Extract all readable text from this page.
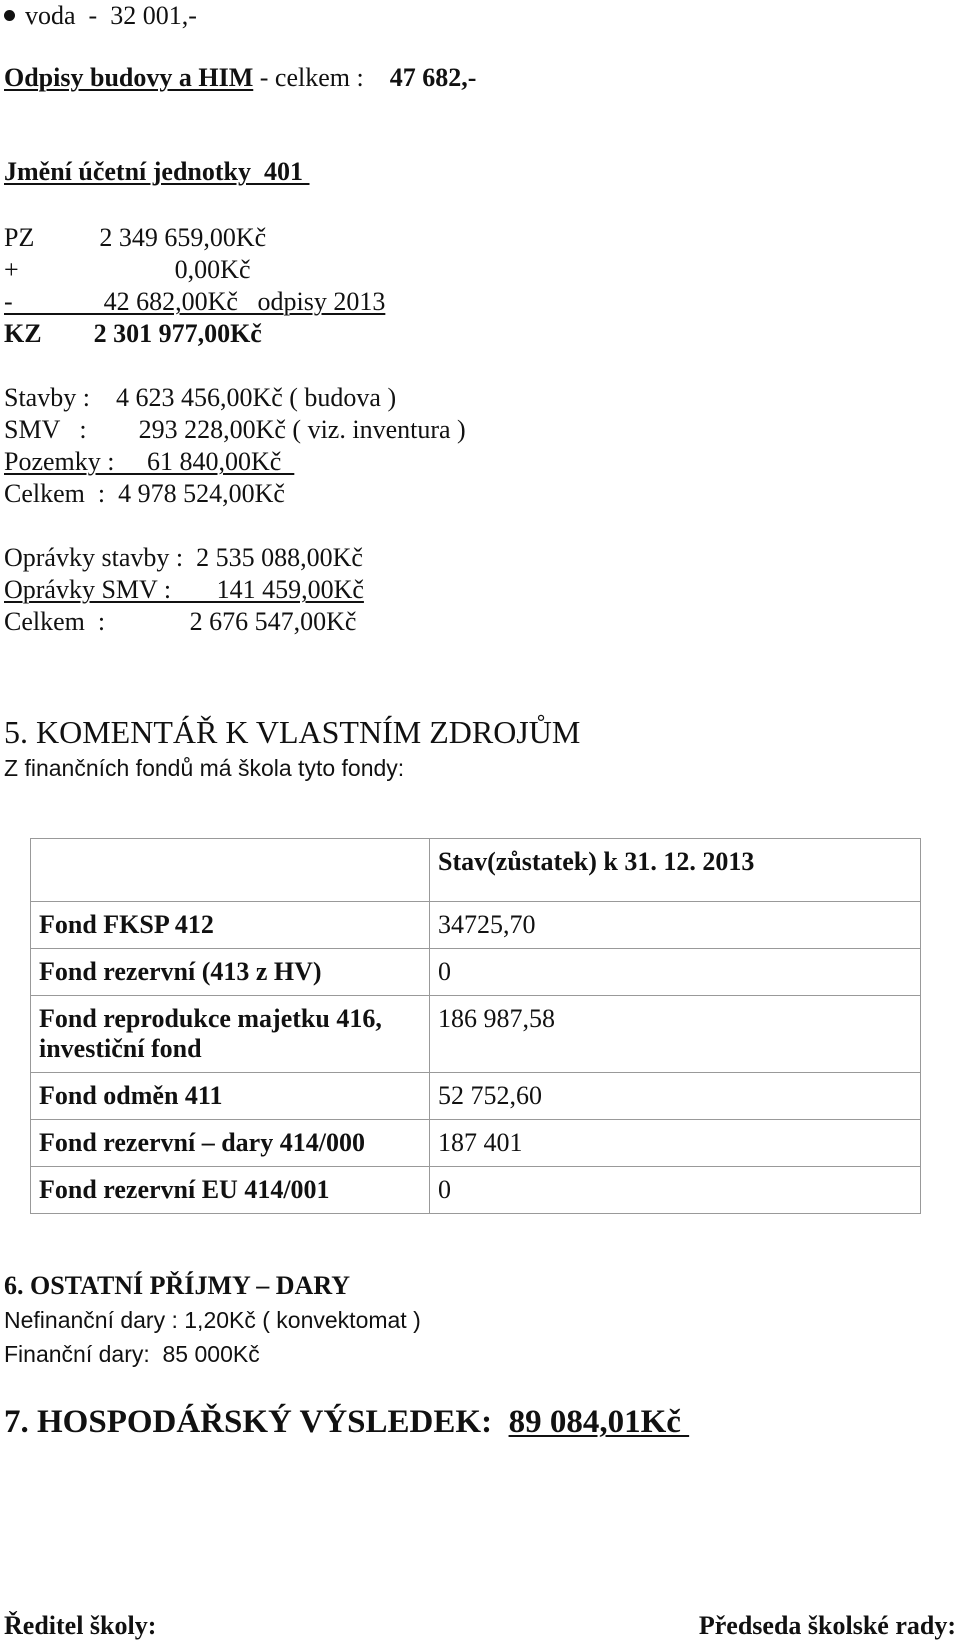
voda  -  32 001,-
Odpisy budovy a HIM - celkem :    47 682,-
Jmění účetní jednotky  401
PZ          2 349 659,00Kč
+                        0,00Kč
-              42 682,00Kč   odpisy 2013
KZ        2 301 977,00Kč
Stavby :    4 623 456,00Kč ( budova )
SMV   :        293 228,00Kč ( viz. inventura )
Pozemky :     61 840,00Kč
Celkem  :  4 978 524,00Kč
Oprávky stavby :  2 535 088,00Kč
Oprávky SMV :       141 459,00Kč
Celkem  :             2 676 547,00Kč
5. KOMENTÁŘ K VLASTNÍM ZDROJŮM
Z finančních fondů má škola tyto fondy:
	Stav(zůstatek) k 31. 12. 2013
Fond FKSP 412	34725,70
Fond rezervní (413 z HV)	0
Fond reprodukce majetku 416, investiční fond	186 987,58
Fond odměn 411	52 752,60
Fond rezervní – dary 414/000	187 401
Fond rezervní EU 414/001	0
6. OSTATNÍ PŘÍJMY – DARY
Nefinanční dary : 1,20Kč ( konvektomat )
Finanční dary:  85 000Kč
7. HOSPODÁŘSKÝ VÝSLEDEK:  89 084,01Kč
Ředitel školy:	Předseda školské rady:
